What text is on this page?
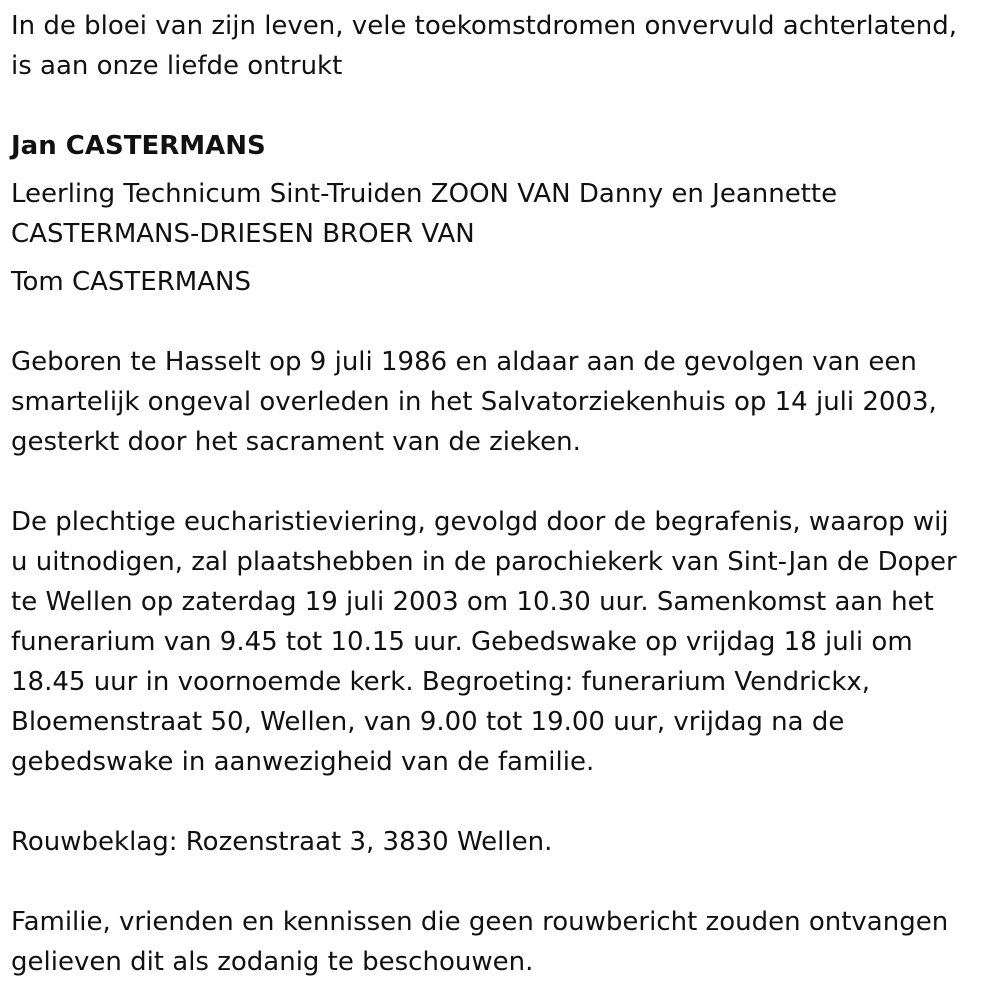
In de bloei van zijn leven, vele toekomstdromen onvervuld achterlatend,

is aan onze liefde ontrukt

Jan CASTERMANS

Leerling Technicum Sint-Truiden ZOON VAN Danny en Jeannette

CASTERMANS-DRIESEN BROER VAN

Tom CASTERMANS

Geboren te Hasselt op 9 juli 1986 en aldaar aan de gevolgen van een

smartelijk ongeval overleden in het Salvatorziekenhuis op 14 juli 2003,

gesterkt door het sacrament van de zieken.

De plechtige eucharistieviering, gevolgd door de begrafenis, waarop wij

u uitnodigen, zal plaatshebben in de parochiekerk van Sint-Jan de Doper

te Wellen op zaterdag 19 juli 2003 om 10.30 uur. Samenkomst aan het

funerarium van 9.45 tot 10.15 uur. Gebedswake op vrijdag 18 juli om

18.45 uur in voornoemde kerk. Begroeting: funerarium Vendrickx,

Bloemenstraat 50, Wellen, van 9.00 tot 19.00 uur, vrijdag na de

gebedswake in aanwezigheid van de familie.

Rouwbeklag: Rozenstraat 3, 3830 Wellen.

Familie, vrienden en kennissen die geen rouwbericht zouden ontvangen

gelieven dit als zodanig te beschouwen.
